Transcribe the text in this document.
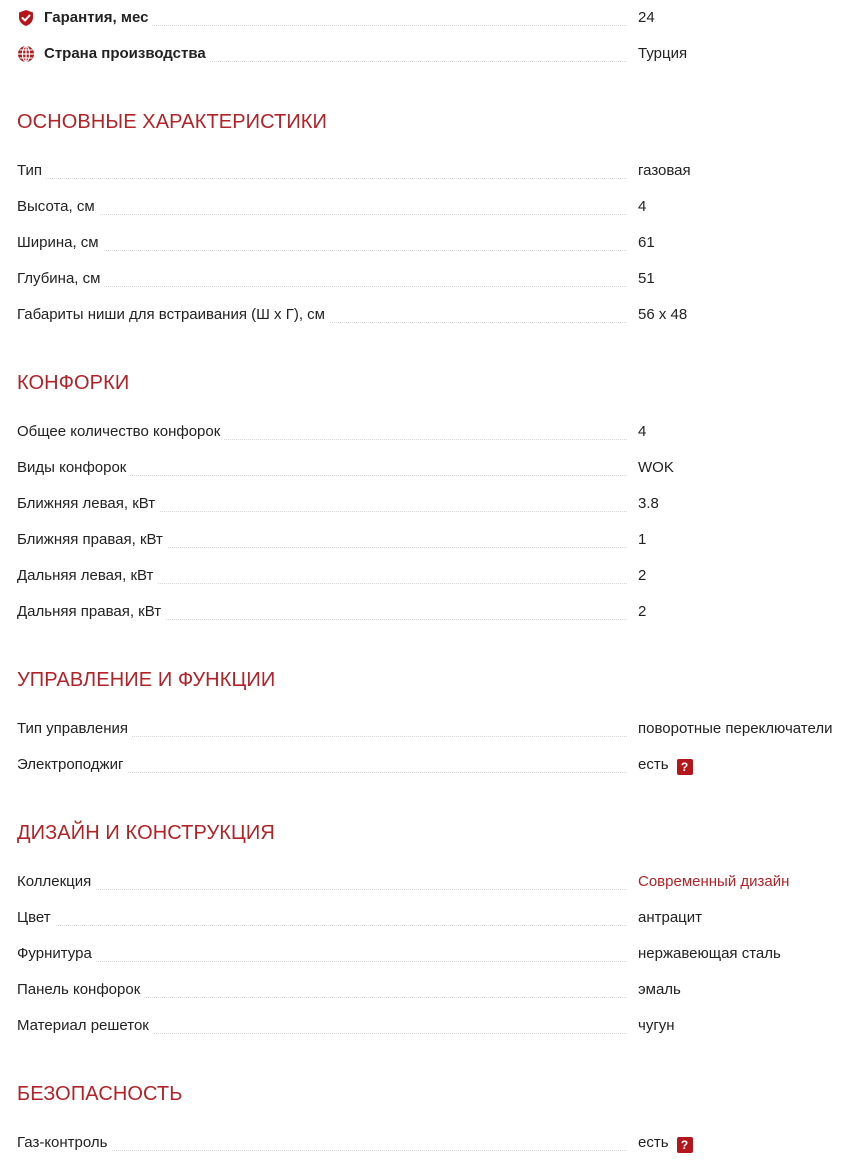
Гарантия, мес	24
Страна производства	Турция
ОСНОВНЫЕ ХАРАКТЕРИСТИКИ
Тип	газовая
Высота, см	4
Ширина, см	61
Глубина, см	51
Габариты ниши для встраивания (Ш х Г), см	56 х 48
КОНФОРКИ
Общее количество конфорок	4
Виды конфорок	WOK
Ближняя левая, кВт	3.8
Ближняя правая, кВт	1
Дальняя левая, кВт	2
Дальняя правая, кВт	2
УПРАВЛЕНИЕ И ФУНКЦИИ
Тип управления	поворотные переключатели
Электроподжиг	есть ?
ДИЗАЙН И КОНСТРУКЦИЯ
Коллекция	Современный дизайн
Цвет	антрацит
Фурнитура	нержавеющая сталь
Панель конфорок	эмаль
Материал решеток	чугун
БЕЗОПАСНОСТЬ
Газ-контроль	есть ?
